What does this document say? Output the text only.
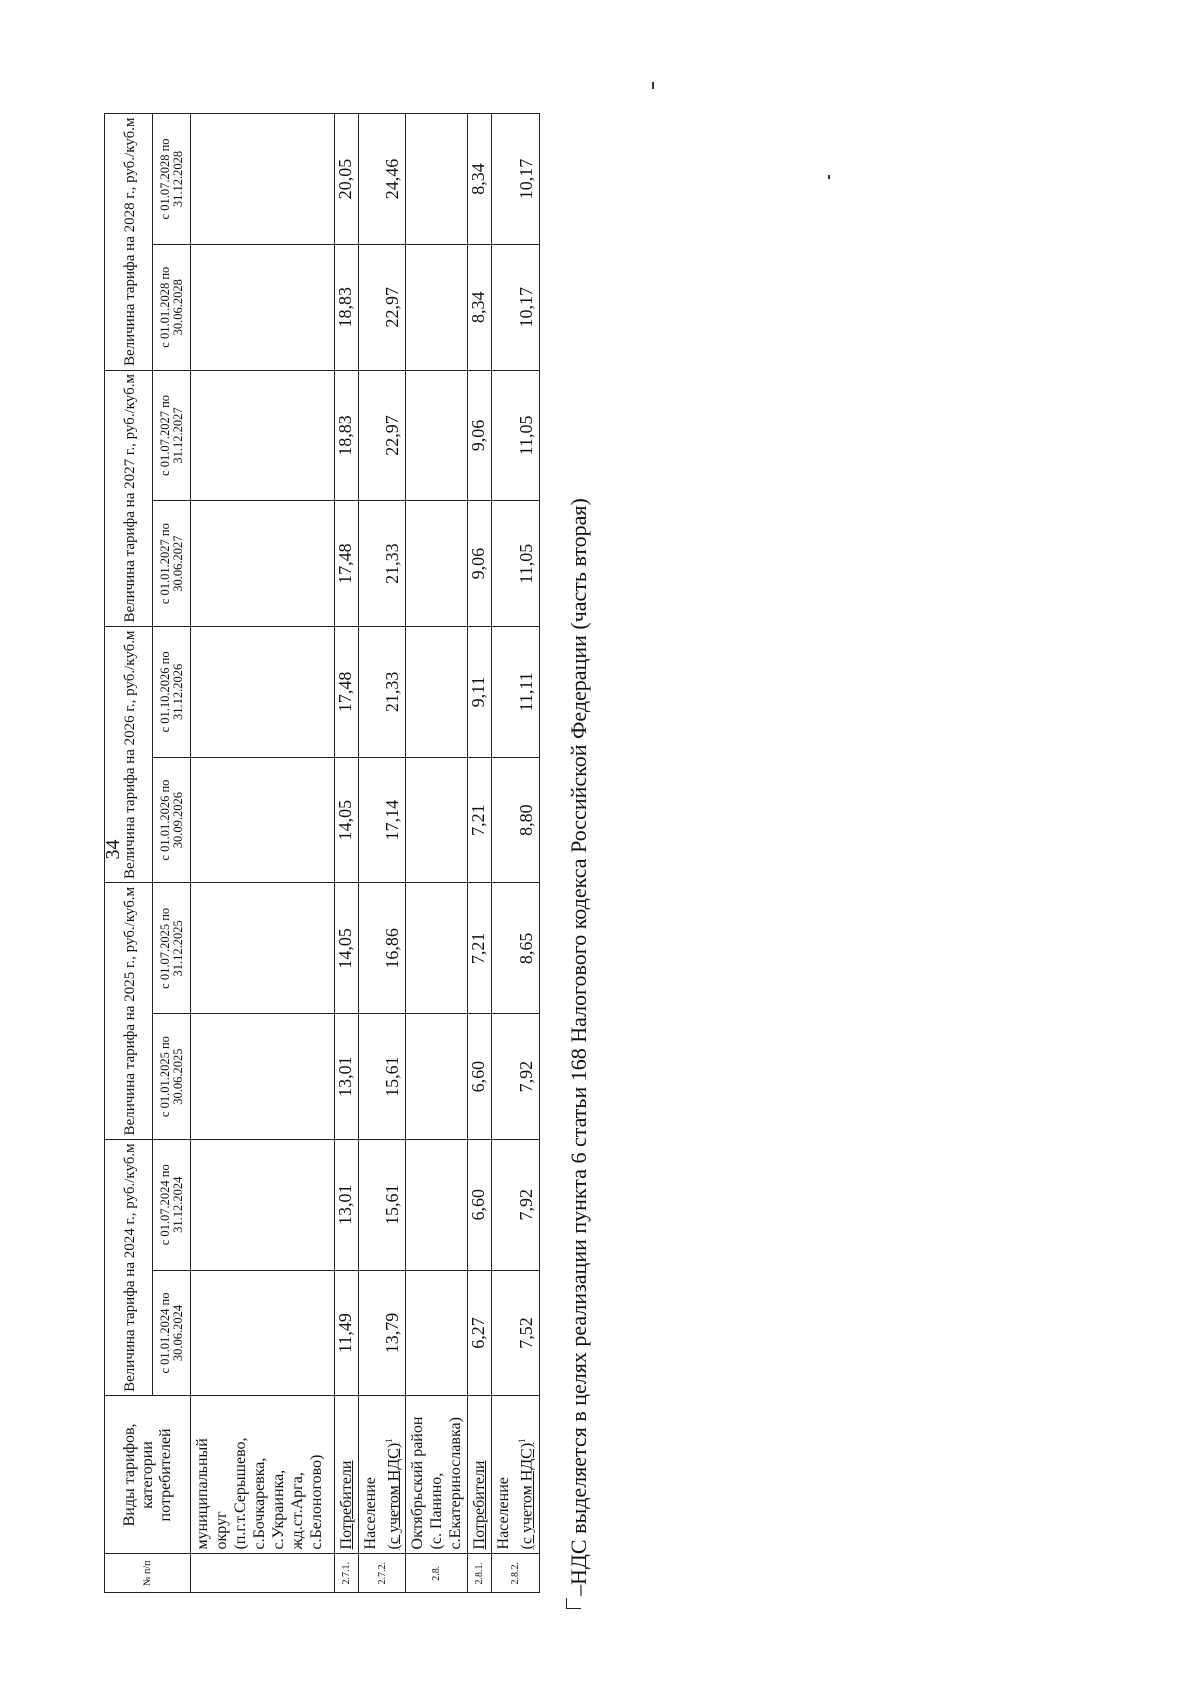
34
№ п/п	Виды тарифов, категории потребителей	Величина тарифа на 2024 г., руб./куб.м		Величина тарифа на 2025 г., руб./куб.м		Величина тарифа на 2026 г., руб./куб.м		Величина тарифа на 2027 г., руб./куб.м		Величина тарифа на 2028 г., руб./куб.м	
		с 01.01.2024 по 30.06.2024	с 01.07.2024 по 31.12.2024	с 01.01.2025 по 30.06.2025	с 01.07.2025 по 31.12.2025	с 01.01.2026 по 30.09.2026	с 01.10.2026 по 31.12.2026	с 01.01.2027 по 30.06.2027	с 01.07.2027 по 31.12.2027	с 01.01.2028 по 30.06.2028	с 01.07.2028 по 31.12.2028
	муниципальный округ (п.г.т.Серышево, с.Бочкаревка, с.Украинка, жд.ст.Арга, с.Белоногово)										
2.7.1.	Потребители	11,49	13,01	13,01	14,05	14,05	17,48	17,48	18,83	18,83	20,05
2.7.2.	Население (с учетом НДС)$^1$	13,79	15,61	15,61	16,86	17,14	21,33	21,33	22,97	22,97	24,46
2.8.	Октябрьский район (с. Панино, с.Екатеринославка)										
2.8.1.	Потребители	6,27	6,60	6,60	7,21	7,21	9,11	9,06	9,06	8,34	8,34
2.8.2.	Население (с учетом НДС)$^1$	7,52	7,92	7,92	8,65	8,80	11,11	11,05	11,05	10,17	10,17
–НДС выделяется в целях реализации пункта 6 статьи 168 Налогового кодекса Российской Федерации (часть вторая)
